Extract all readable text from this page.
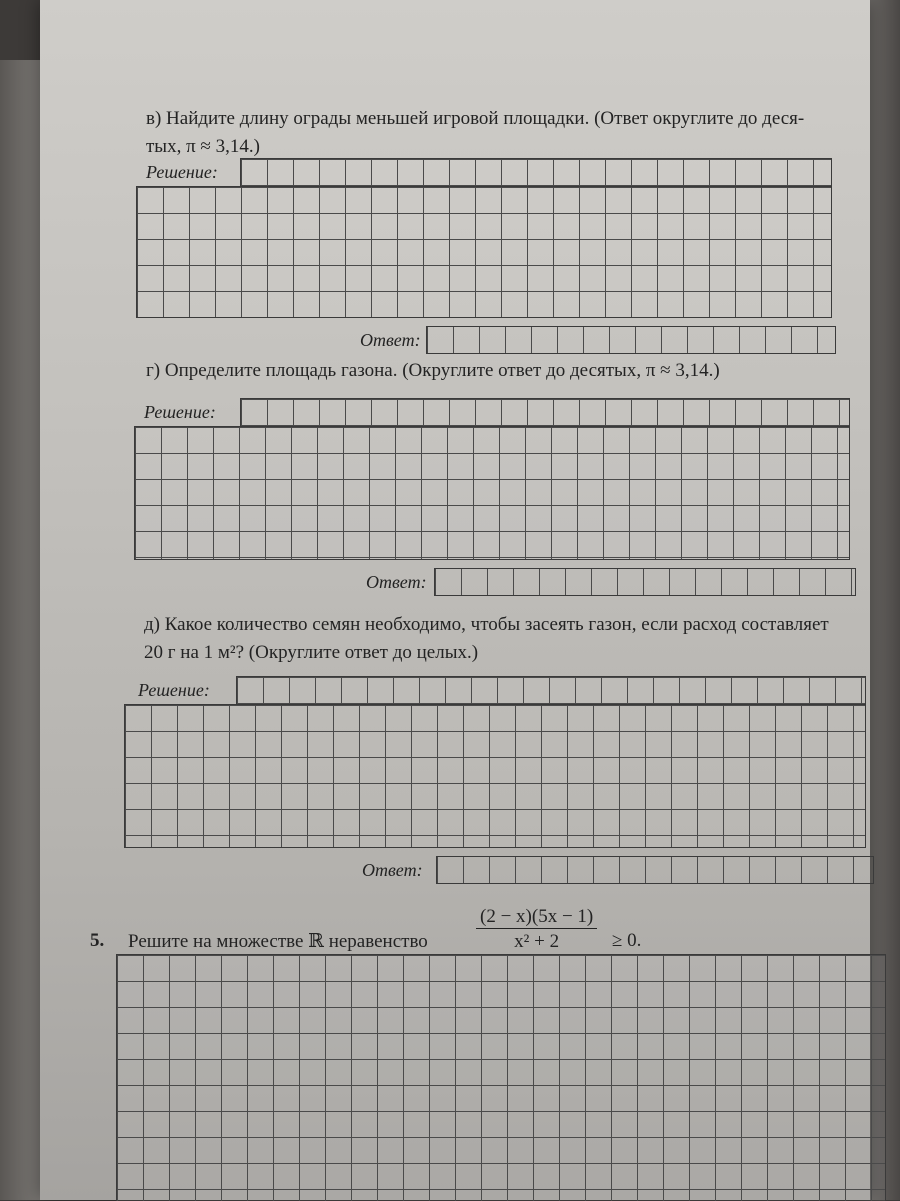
в) Найдите длину ограды меньшей игровой площадки. (Ответ округлите до деся-
тых, π ≈ 3,14.)
Решение:
Ответ:
г) Определите площадь газона. (Округлите ответ до десятых, π ≈ 3,14.)
Решение:
Ответ:
д) Какое количество семян необходимо, чтобы засеять газон, если расход составляет
20 г на 1 м²? (Округлите ответ до целых.)
Решение:
Ответ:
5. Решите на множестве ℝ неравенство	$\frac{(2 - x)(5x - 1)}{\text{x² + 2}} \ge 0$.
